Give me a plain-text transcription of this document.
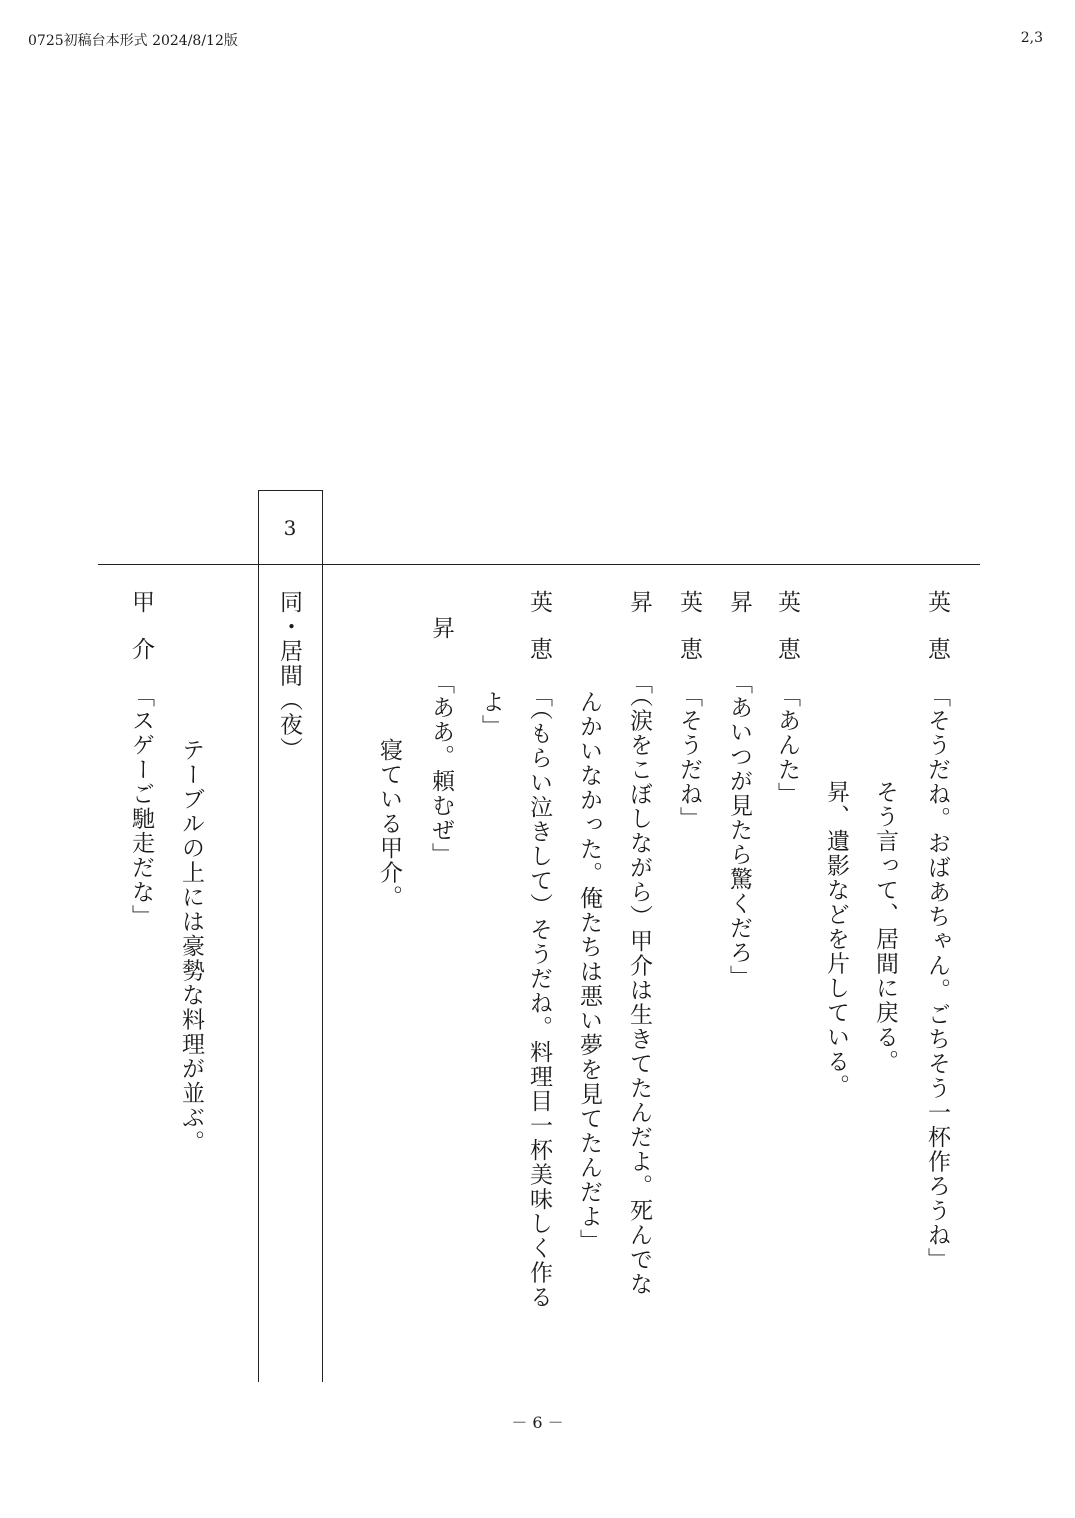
0725初稿台本形式 2024/8/12版	2,3
3
英恵「そうだね。おばあちゃん。ごちそう一杯作ろうね」
そう言って、居間に戻る。
昇、遺影などを片している。
英恵「あんた」
昇「あいつが見たら驚くだろ」
英恵「そうだね」
昇「（涙をこぼしながら）甲介は生きてたんだよ。死んでな
んかいなかった。俺たちは悪い夢を見てたんだよ」
英恵「（もらい泣きして）そうだね。料理目一杯美味しく作る
よ」
昇「ああ。頼むぜ」
寝ている甲介。
同・居間（夜）
テーブルの上には豪勢な料理が並ぶ。
甲介「スゲーご馳走だな」
－ 6 －
